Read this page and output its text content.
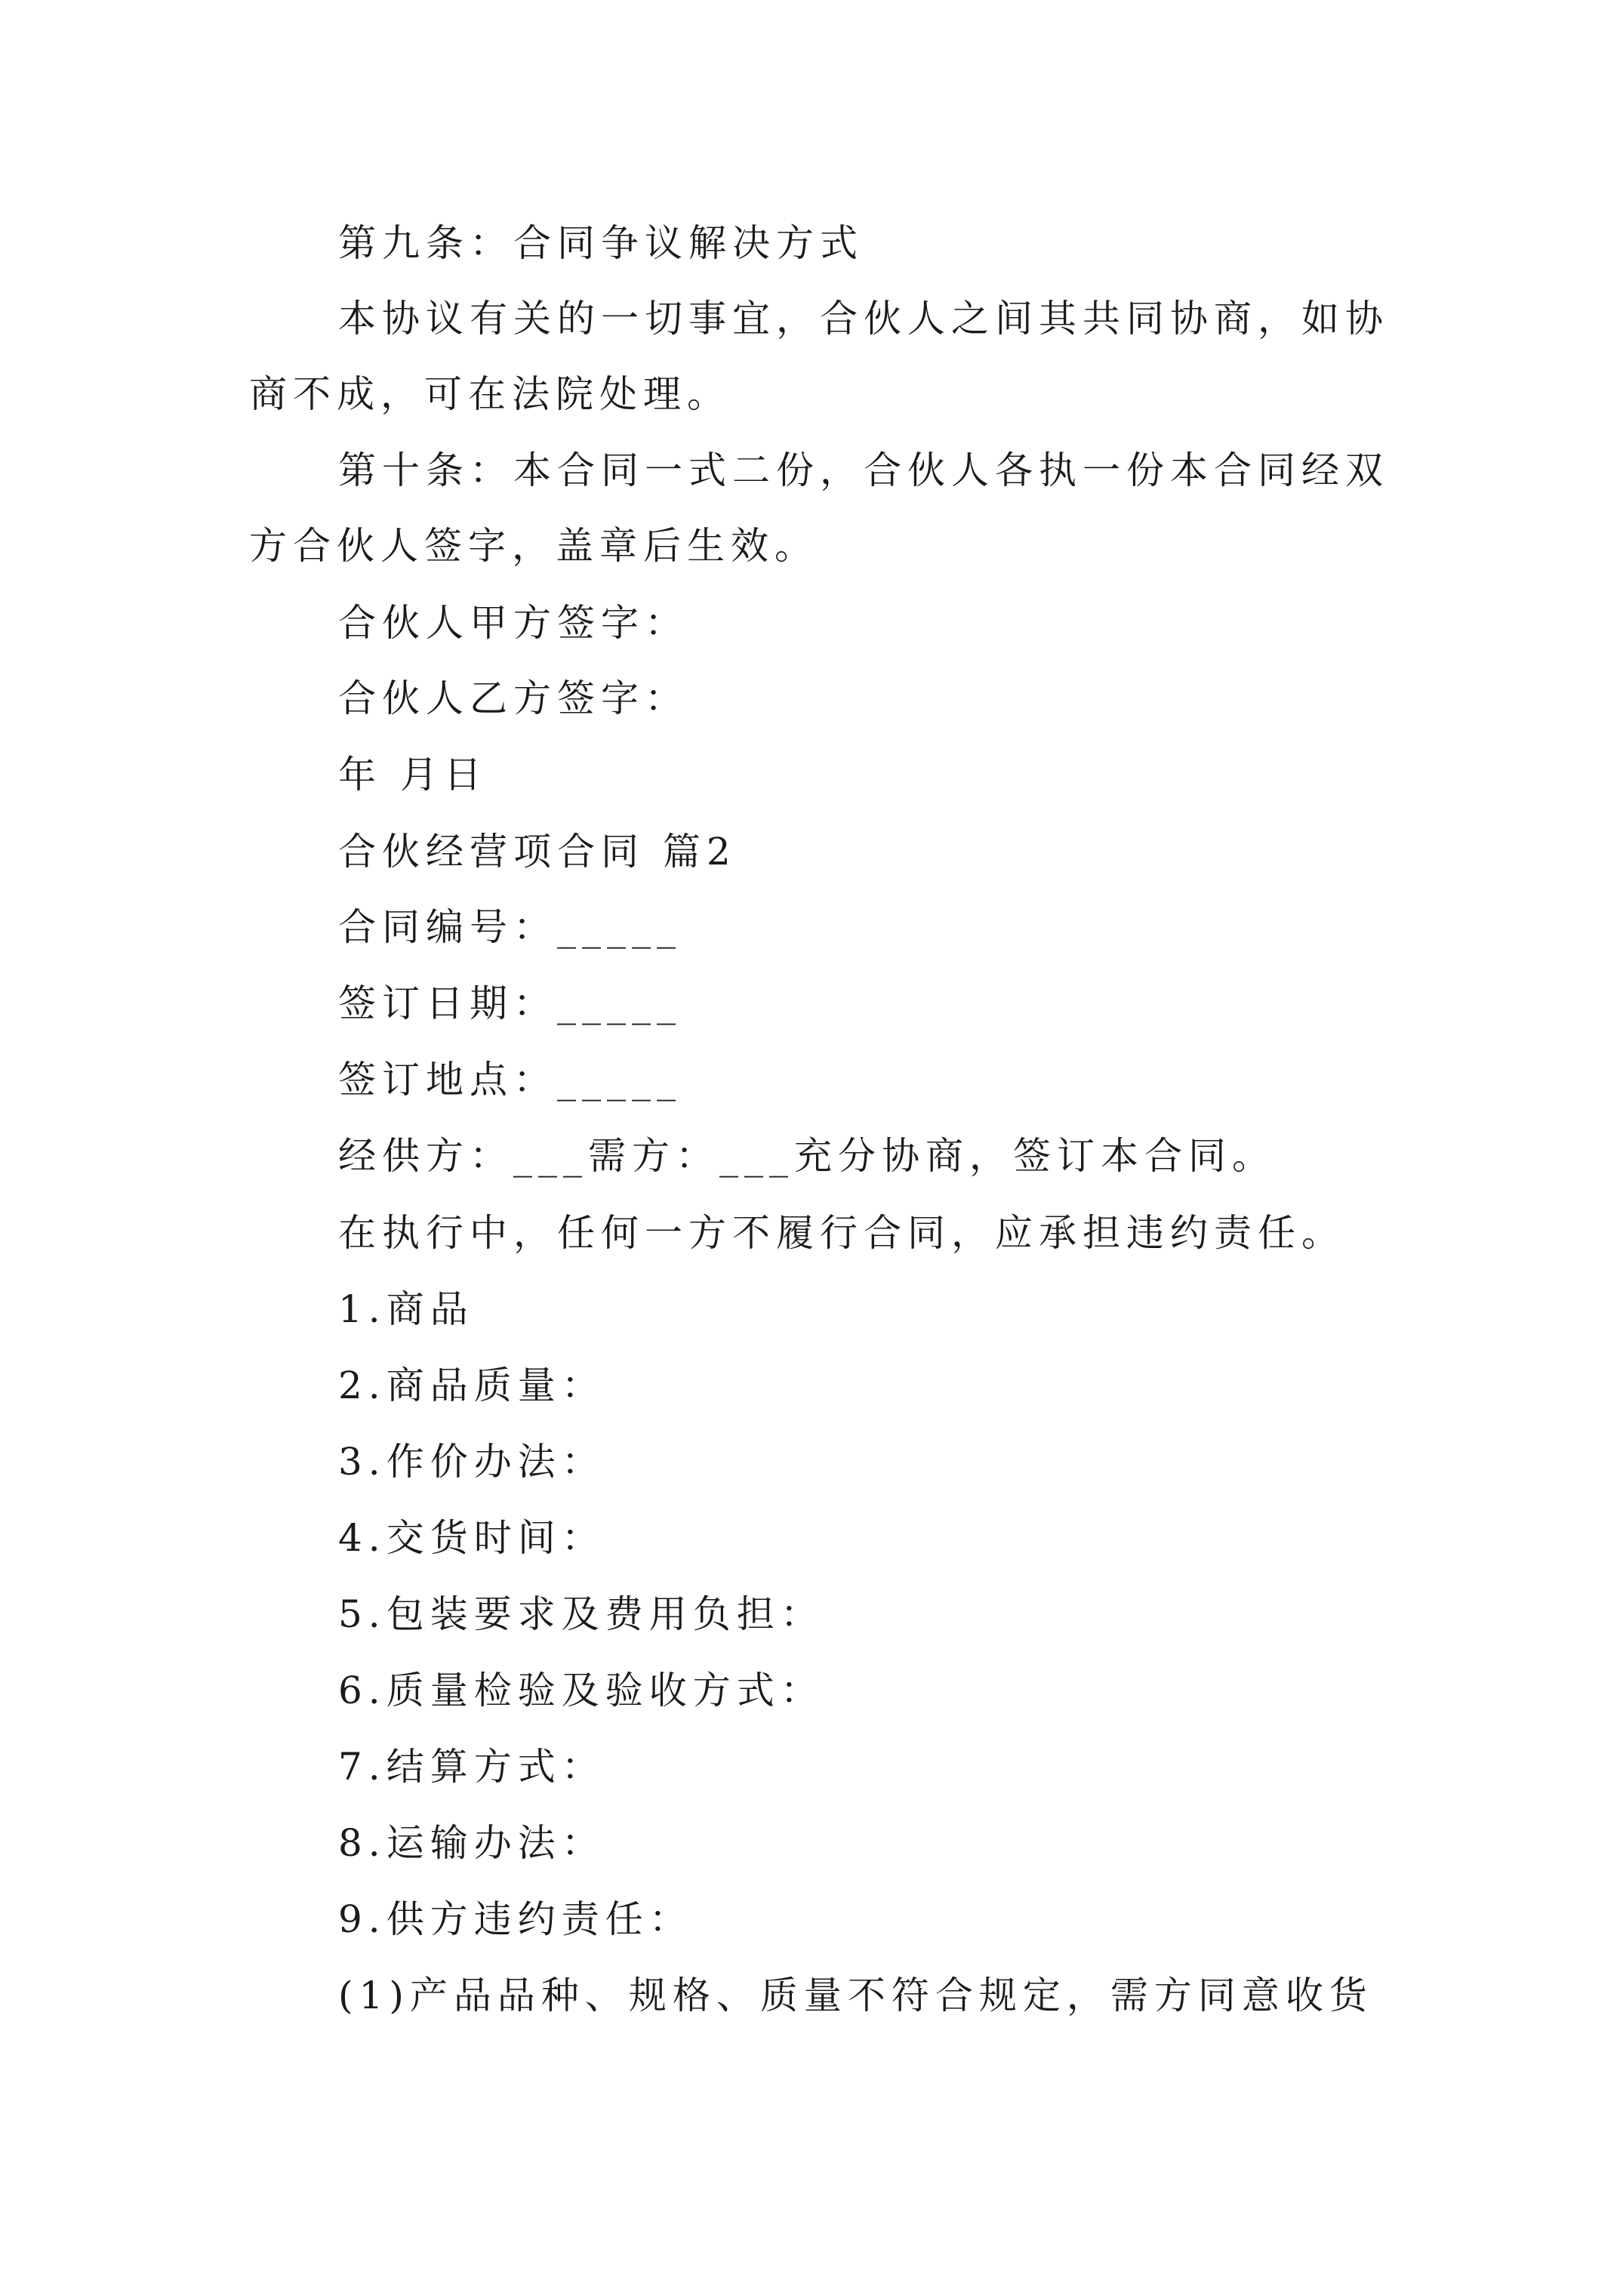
第九条：合同争议解决方式
本协议有关的一切事宜，合伙人之间其共同协商，如协
商不成，可在法院处理。
第十条：本合同一式二份，合伙人各执一份本合同经双
方合伙人签字，盖章后生效。
合伙人甲方签字：
合伙人乙方签字：
年 月日
合伙经营项合同 篇2
合同编号：_____
签订日期：_____
签订地点：_____
经供方：___需方：___充分协商，签订本合同。
在执行中，任何一方不履行合同，应承担违约责任。
1.商品
2.商品质量：
3.作价办法：
4.交货时间：
5.包装要求及费用负担：
6.质量检验及验收方式：
7.结算方式：
8.运输办法：
9.供方违约责任：
(1)产品品种、规格、质量不符合规定，需方同意收货
